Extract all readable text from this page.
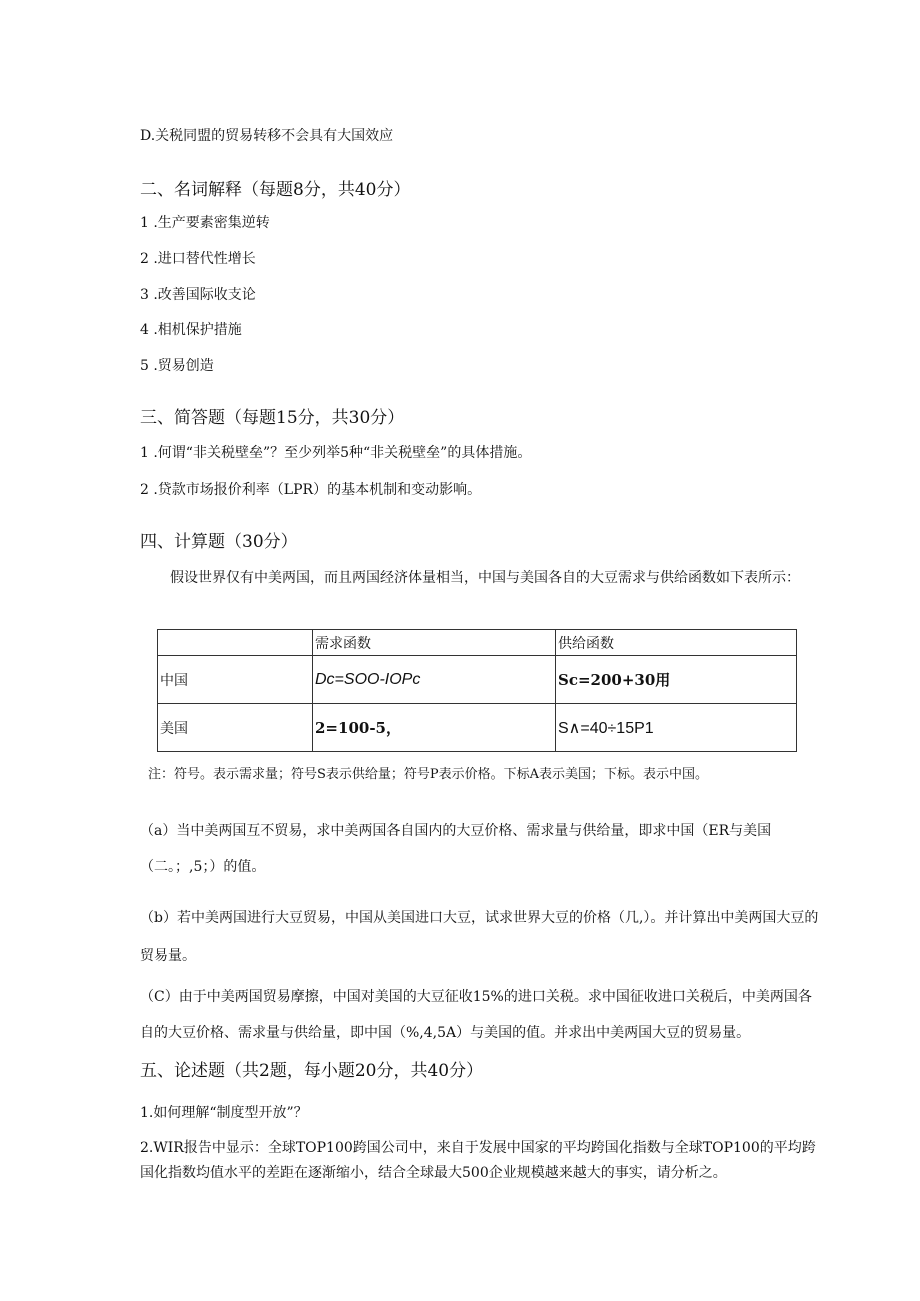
D.关税同盟的贸易转移不会具有大国效应
二、名词解释（每题8分，共40分）
1 .生产要素密集逆转
2 .进口替代性增长
3 .改善国际收支论
4 .相机保护措施
5 .贸易创造
三、简答题（每题15分，共30分）
1 .何谓“非关税壁垒”？至少列举5种“非关税壁垒”的具体措施。
2 .贷款市场报价利率（LPR）的基本机制和变动影响。
四、计算题（30分）
假设世界仅有中美两国，而且两国经济体量相当，中国与美国各自的大豆需求与供给函数如下表所示：
	需求函数	供给函数
中国	Dc=SOO-IOPc	Sc=200+30用
美国	2=100-5，	S∧=40÷15P1
注：符号。表示需求量；符号S表示供给量；符号P表示价格。下标A表示美国；下标。表示中国。
（a）当中美两国互不贸易，求中美两国各自国内的大豆价格、需求量与供给量，即求中国（ER与美国（二。；,5；）的值。
（b）若中美两国进行大豆贸易，中国从美国进口大豆，试求世界大豆的价格（几,）。并计算出中美两国大豆的贸易量。
（C）由于中美两国贸易摩擦，中国对美国的大豆征收15%的进口关税。求中国征收进口关税后，中美两国各自的大豆价格、需求量与供给量，即中国（%,4,5A）与美国的值。并求出中美两国大豆的贸易量。
五、论述题（共2题，每小题20分，共40分）
1.如何理解“制度型开放”？
2.WIR报告中显示：全球TOP100跨国公司中，来自于发展中国家的平均跨国化指数与全球TOP100的平均跨国化指数均值水平的差距在逐渐缩小，结合全球最大500企业规模越来越大的事实，请分析之。
